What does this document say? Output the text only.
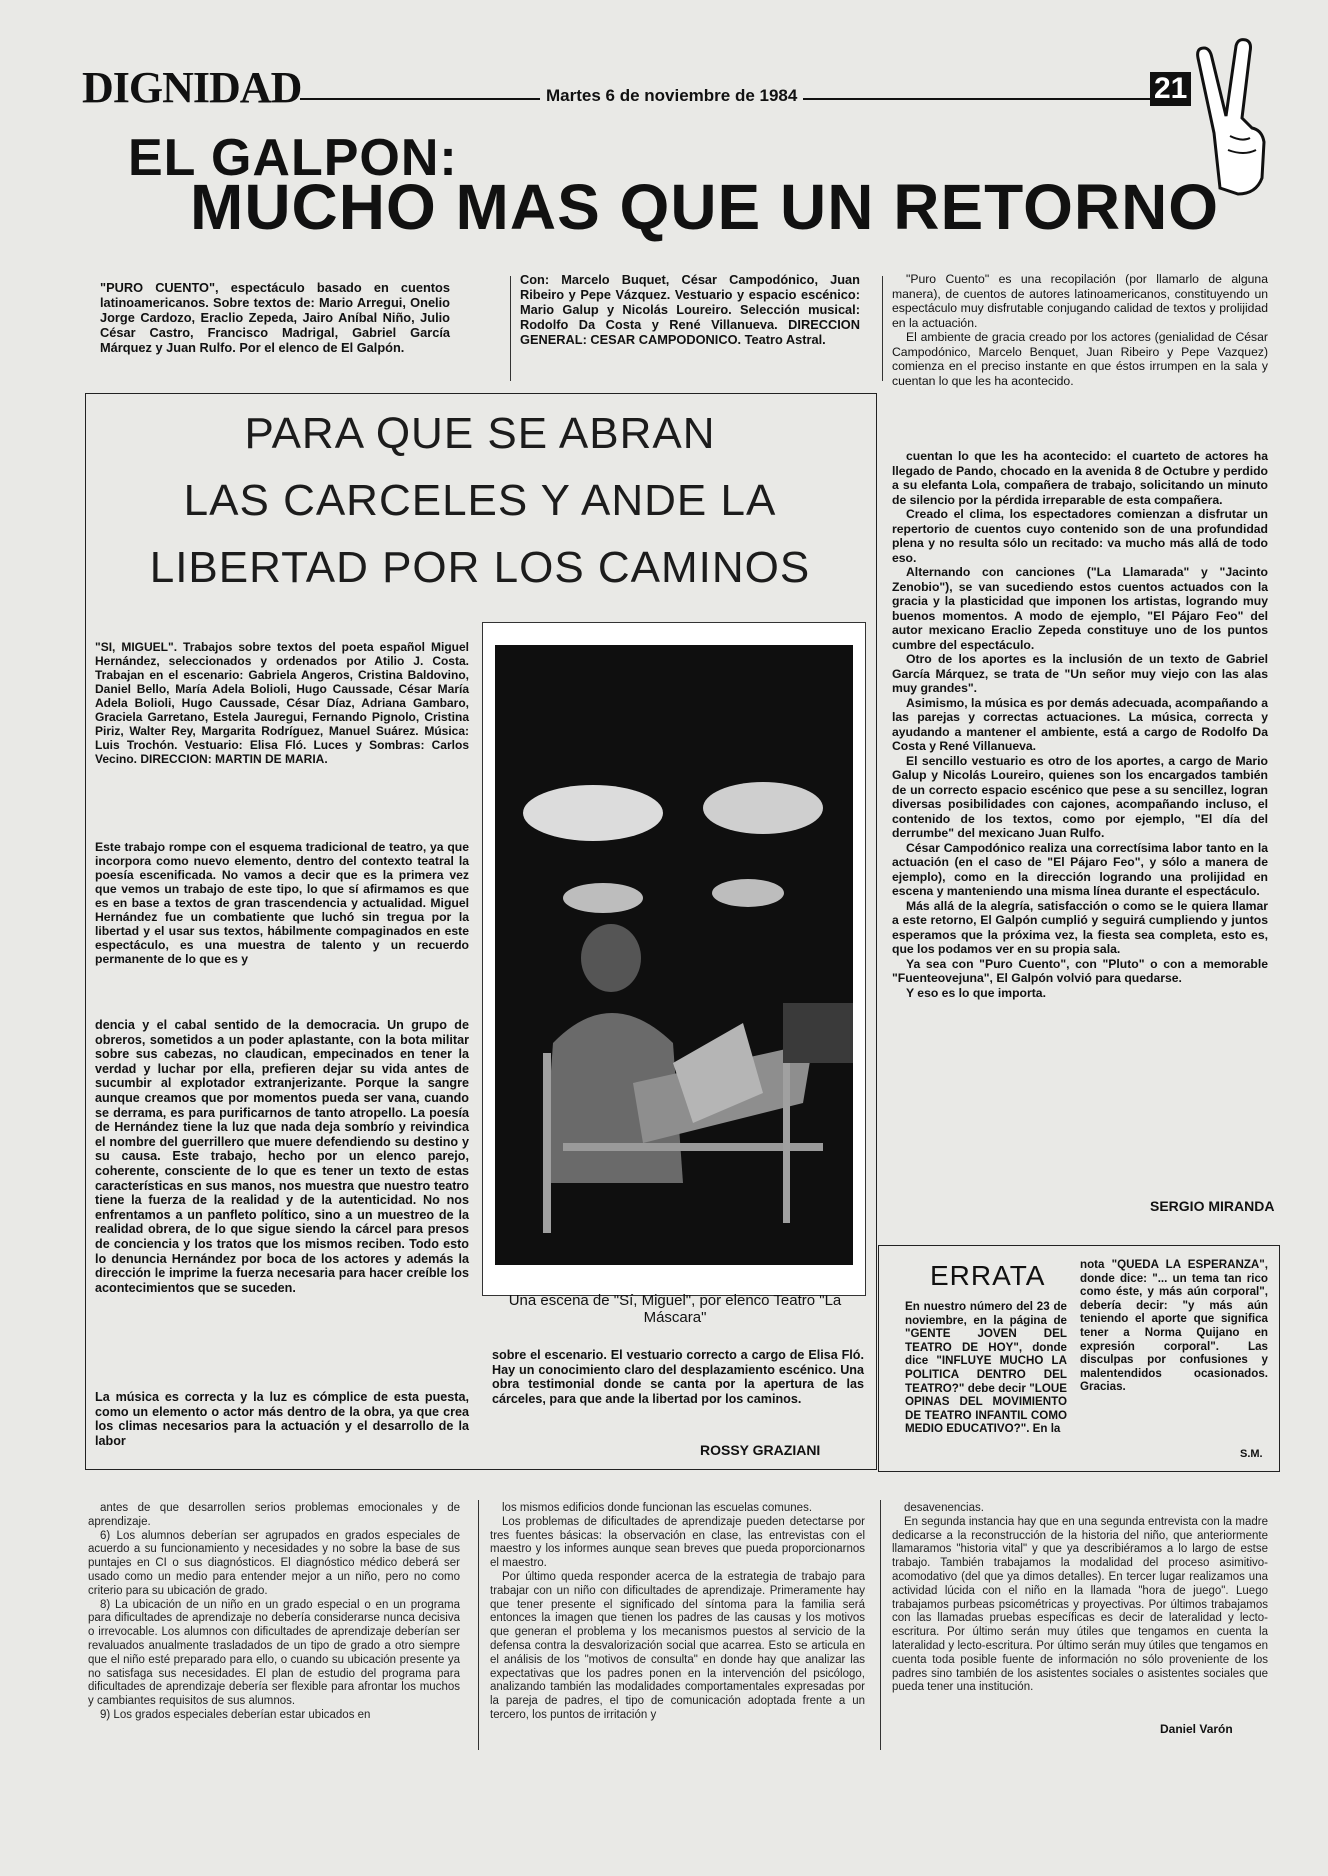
DIGNIDAD	Martes 6 de noviembre de 1984	21
EL GALPON:
MUCHO MAS QUE UN RETORNO
"PURO CUENTO", espectáculo basado en cuentos latinoamericanos. Sobre textos de: Mario Arregui, Onelio Jorge Cardozo, Eraclio Zepeda, Jairo Aníbal Niño, Julio César Castro, Francisco Madrigal, Gabriel García Márquez y Juan Rulfo. Por el elenco de El Galpón.
Con: Marcelo Buquet, César Campodónico, Juan Ribeiro y Pepe Vázquez. Vestuario y espacio escénico: Mario Galup y Nicolás Loureiro. Selección musical: Rodolfo Da Costa y René Villanueva. DIRECCION GENERAL: CESAR CAMPODONICO. Teatro Astral.

"Puro Cuento" es una recopilación (por llamarlo de alguna manera), de cuentos de autores latinoamericanos, constituyendo un espectáculo muy disfrutable conjugando calidad de textos y prolijidad en la actuación.

El ambiente de gracia creado por los actores (genialidad de César Campodónico, Marcelo Benquet, Juan Ribeiro y Pepe Vazquez) comienza en el preciso instante en que éstos irrumpen en la sala y cuentan lo que les ha acontecido.

cuentan lo que les ha acontecido: el cuarteto de actores ha llegado de Pando, chocado en la avenida 8 de Octubre y perdido a su elefanta Lola, compañera de trabajo, solicitando un minuto de silencio por la pérdida irreparable de esta compañera.

Creado el clima, los espectadores comienzan a disfrutar un repertorio de cuentos cuyo contenido son de una profundidad plena y no resulta sólo un recitado: va mucho más allá de todo eso.

Alternando con canciones ("La Llamarada" y "Jacinto Zenobio"), se van sucediendo estos cuentos actuados con la gracia y la plasticidad que imponen los artistas, logrando muy buenos momentos. A modo de ejemplo, "El Pájaro Feo" del autor mexicano Eraclio Zepeda constituye uno de los puntos cumbre del espectáculo.

Otro de los aportes es la inclusión de un texto de Gabriel García Márquez, se trata de "Un señor muy viejo con las alas muy grandes".

Asimismo, la música es por demás adecuada, acompañando a las parejas y correctas actuaciones. La música, correcta y ayudando a mantener el ambiente, está a cargo de Rodolfo Da Costa y René Villanueva.

El sencillo vestuario es otro de los aportes, a cargo de Mario Galup y Nicolás Loureiro, quienes son los encargados también de un correcto espacio escénico que pese a su sencillez, logran diversas posibilidades con cajones, acompañando incluso, el contenido de los textos, como por ejemplo, "El día del derrumbe" del mexicano Juan Rulfo.

César Campodónico realiza una correctísima labor tanto en la actuación (en el caso de "El Pájaro Feo", y sólo a manera de ejemplo), como en la dirección logrando una prolijidad en escena y manteniendo una misma línea durante el espectáculo.

Más allá de la alegría, satisfacción o como se le quiera llamar a este retorno, El Galpón cumplió y seguirá cumpliendo y juntos esperamos que la próxima vez, la fiesta sea completa, esto es, que los podamos ver en su propia sala.

Ya sea con "Puro Cuento", con "Pluto" o con a memorable "Fuenteovejuna", El Galpón volvió para quedarse.

Y eso es lo que importa.

SERGIO MIRANDA
PARA QUE SE ABRAN
LAS CARCELES Y ANDE LA
LIBERTAD POR LOS CAMINOS
"SI, MIGUEL". Trabajos sobre textos del poeta español Miguel Hernández, seleccionados y ordenados por Atilio J. Costa. Trabajan en el escenario: Gabriela Angeros, Cristina Baldovino, Daniel Bello, María Adela Bolioli, Hugo Caussade, César María Adela Bolioli, Hugo Caussade, César Díaz, Adriana Gambaro, Graciela Garretano, Estela Jauregui, Fernando Pignolo, Cristina Piriz, Walter Rey, Margarita Rodríguez, Manuel Suárez. Música: Luis Trochón. Vestuario: Elisa Fló. Luces y Sombras: Carlos Vecino. DIRECCION: MARTIN DE MARIA.
Este trabajo rompe con el esquema tradicional de teatro, ya que incorpora como nuevo elemento, dentro del contexto teatral la poesía escenificada. No vamos a decir que es la primera vez que vemos un trabajo de este tipo, lo que sí afirmamos es que es en base a textos de gran trascendencia y actualidad. Miguel Hernández fue un combatiente que luchó sin tregua por la libertad y el usar sus textos, hábilmente compaginados en este espectáculo, es una muestra de talento y un recuerdo permanente de lo que es y
dencia y el cabal sentido de la democracia. Un grupo de obreros, sometidos a un poder aplastante, con la bota militar sobre sus cabezas, no claudican, empecinados en tener la verdad y luchar por ella, prefieren dejar su vida antes de sucumbir al explotador extranjerizante. Porque la sangre aunque creamos que por momentos pueda ser vana, cuando se derrama, es para purificarnos de tanto atropello. La poesía de Hernández tiene la luz que nada deja sombrío y reivindica el nombre del guerrillero que muere defendiendo su destino y su causa. Este trabajo, hecho por un elenco parejo, coherente, consciente de lo que es tener un texto de estas características en sus manos, nos muestra que nuestro teatro tiene la fuerza de la realidad y de la autenticidad. No nos enfrentamos a un panfleto político, sino a un muestreo de la realidad obrera, de lo que sigue siendo la cárcel para presos de conciencia y los tratos que los mismos reciben. Todo esto lo denuncia Hernández por boca de los actores y además la dirección le imprime la fuerza necesaria para hacer creíble los acontecimientos que se suceden.
La música es correcta y la luz es cómplice de esta puesta, como un elemento o actor más dentro de la obra, ya que crea los climas necesarios para la actuación y el desarrollo de la labor
Una escena de "Sí, Miguel", por elenco Teatro "La Máscara"
sobre el escenario. El vestuario correcto a cargo de Elisa Fló. Hay un conocimiento claro del desplazamiento escénico. Una obra testimonial donde se canta por la apertura de las cárceles, para que ande la libertad por los caminos.
ROSSY GRAZIANI
ERRATA
En nuestro número del 23 de noviembre, en la página de "GENTE JOVEN DEL TEATRO DE HOY", donde dice "INFLUYE MUCHO LA POLITICA DENTRO DEL TEATRO?" debe decir "LOUE OPINAS DEL MOVIMIENTO DE TEATRO INFANTIL COMO MEDIO EDUCATIVO?". En la
nota "QUEDA LA ESPERANZA", donde dice: "... un tema tan rico como éste, y más aún corporal", debería decir: "y más aún teniendo el aporte que significa tener a Norma Quijano en expresión corporal". Las disculpas por confusiones y malentendidos ocasionados. Gracias.
S.M.

antes de que desarrollen serios problemas emocionales y de aprendizaje.

6) Los alumnos deberían ser agrupados en grados especiales de acuerdo a su funcionamiento y necesidades y no sobre la base de sus puntajes en CI o sus diagnósticos. El diagnóstico médico deberá ser usado como un medio para entender mejor a un niño, pero no como criterio para su ubicación de grado.

8) La ubicación de un niño en un grado especial o en un programa para dificultades de aprendizaje no debería considerarse nunca decisiva o irrevocable. Los alumnos con dificultades de aprendizaje deberían ser revaluados anualmente trasladados de un tipo de grado a otro siempre que el niño esté preparado para ello, o cuando su ubicación presente ya no satisfaga sus necesidades. El plan de estudio del programa para dificultades de aprendizaje debería ser flexible para afrontar los muchos y cambiantes requisitos de sus alumnos.

9) Los grados especiales deberían estar ubicados en

los mismos edificios donde funcionan las escuelas comunes.

Los problemas de dificultades de aprendizaje pueden detectarse por tres fuentes básicas: la observación en clase, las entrevistas con el maestro y los informes aunque sean breves que pueda proporcionarnos el maestro.

Por último queda responder acerca de la estrategia de trabajo para trabajar con un niño con dificultades de aprendizaje. Primeramente hay que tener presente el significado del síntoma para la familia será entonces la imagen que tienen los padres de las causas y los motivos que generan el problema y los mecanismos puestos al servicio de la defensa contra la desvalorización social que acarrea. Esto se articula en el análisis de los "motivos de consulta" en donde hay que analizar las expectativas que los padres ponen en la intervención del psicólogo, analizando también las modalidades comportamentales expresadas por la pareja de padres, el tipo de comunicación adoptada frente a un tercero, los puntos de irritación y

desavenencias.

En segunda instancia hay que en una segunda entrevista con la madre dedicarse a la reconstrucción de la historia del niño, que anteriormente llamaramos "historia vital" y que ya describiéramos a lo largo de estse trabajo. También trabajamos la modalidad del proceso asimitivo-acomodativo (del que ya dimos detalles). En tercer lugar realizamos una actividad lúcida con el niño en la llamada "hora de juego". Luego trabajamos purbeas psicométricas y proyectivas. Por últimos trabajamos con las llamadas pruebas específicas es decir de lateralidad y lecto-escritura. Por último serán muy útiles que tengamos en cuenta la lateralidad y lecto-escritura. Por último serán muy útiles que tengamos en cuenta toda posible fuente de información no sólo proveniente de los padres sino también de los asistentes sociales o asistentes sociales que pueda tener una institución.

Daniel Varón
